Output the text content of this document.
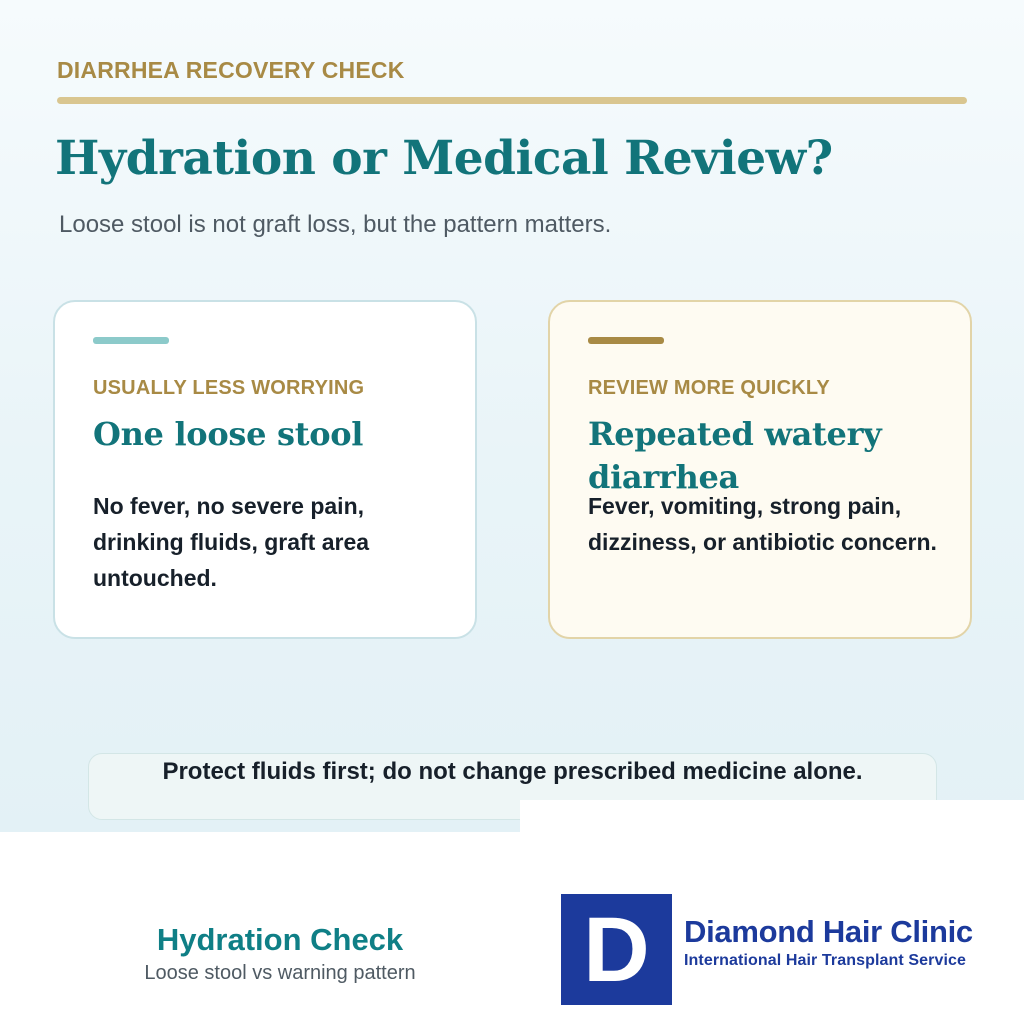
DIARRHEA RECOVERY CHECK
Hydration or Medical Review?

Loose stool is not graft loss, but the pattern matters.

USUALLY LESS WORRYING
One loose stool
No fever, no severe pain, drinking fluids, graft area untouched.
REVIEW MORE QUICKLY
Repeated watery diarrhea
Fever, vomiting, strong pain, dizziness, or antibiotic concern.
Protect fluids first; do not change prescribed medicine alone.
Hydration Check
Loose stool vs warning pattern	D	Diamond Hair Clinic
International Hair Transplant Service
